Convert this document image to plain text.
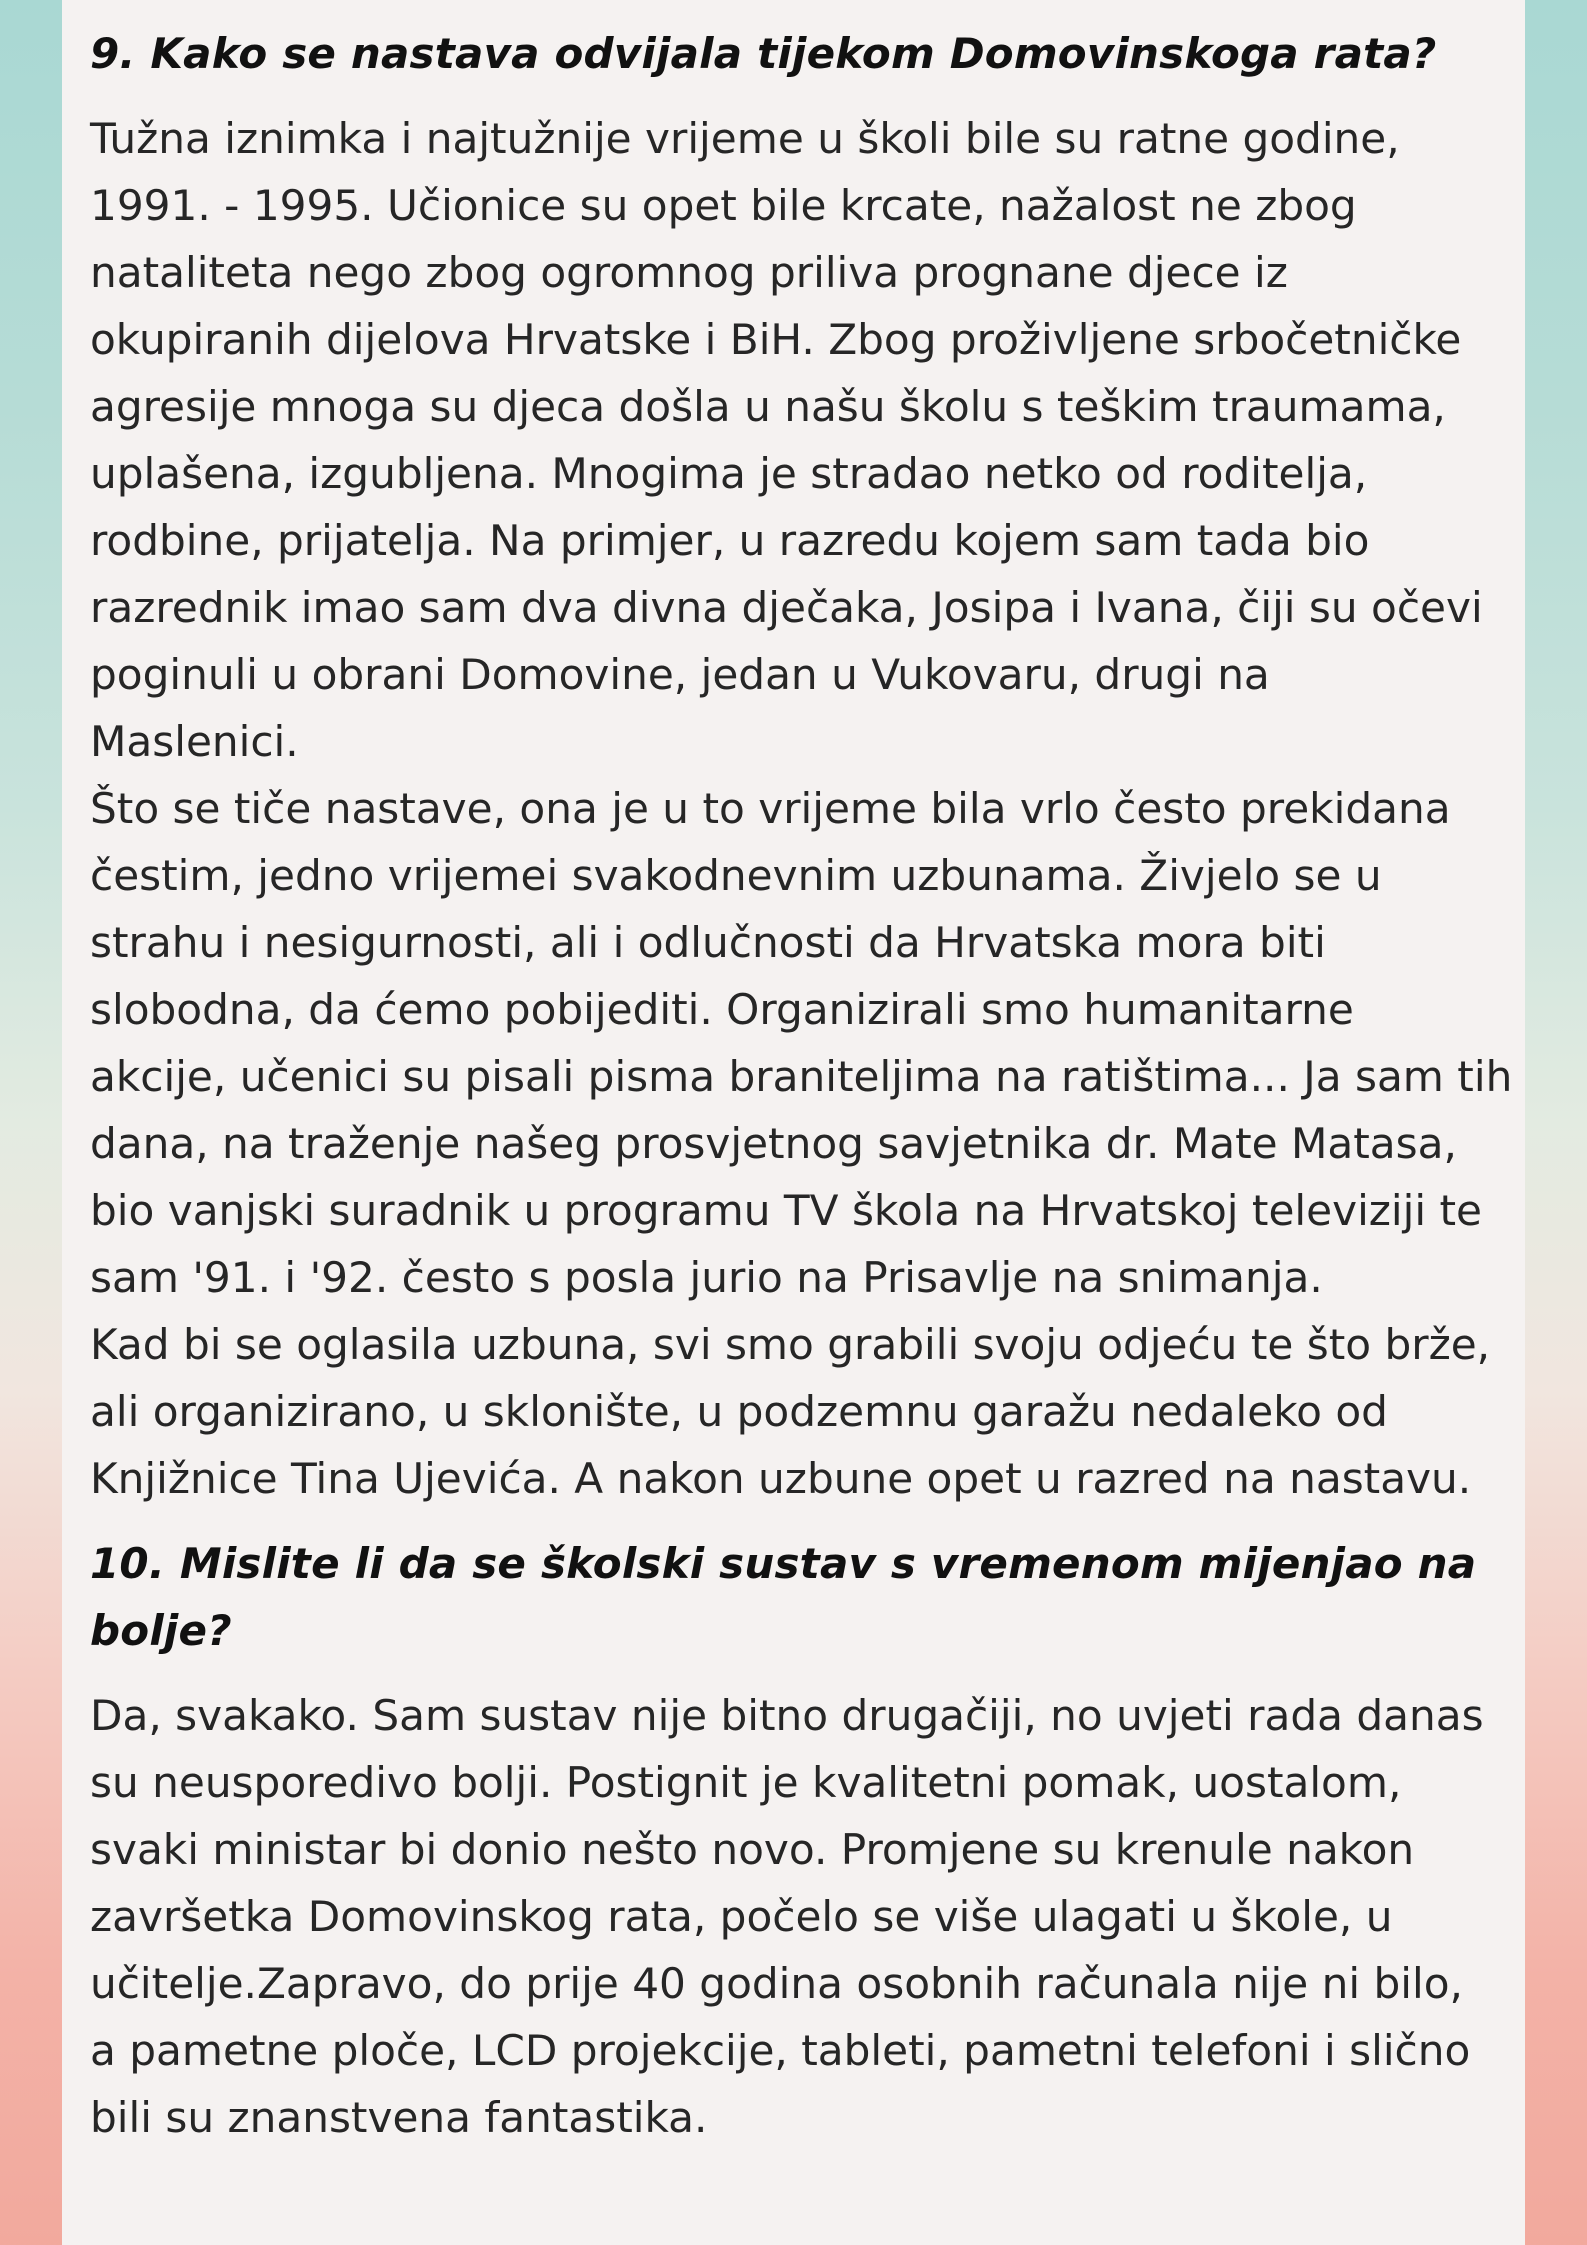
9. Kako se nastava odvijala tijekom Domovinskoga rata?

Tužna iznimka i najtužnije vrijeme u školi bile su ratne godine,
1991. - 1995. Učionice su opet bile krcate, nažalost ne zbog
nataliteta nego zbog ogromnog priliva prognane djece iz
okupiranih dijelova Hrvatske i BiH. Zbog proživljene srbočetničke
agresije mnoga su djeca došla u našu školu s teškim traumama,
uplašena, izgubljena. Mnogima je stradao netko od roditelja,
rodbine, prijatelja. Na primjer, u razredu kojem sam tada bio
razrednik imao sam dva divna dječaka, Josipa i Ivana, čiji su očevi
poginuli u obrani Domovine, jedan u Vukovaru, drugi na
Maslenici.
Što se tiče nastave, ona je u to vrijeme bila vrlo često prekidana
čestim, jedno vrijemei svakodnevnim uzbunama. Živjelo se u
strahu i nesigurnosti, ali i odlučnosti da Hrvatska mora biti
slobodna, da ćemo pobijediti. Organizirali smo humanitarne
akcije, učenici su pisali pisma braniteljima na ratištima... Ja sam tih
dana, na traženje našeg prosvjetnog savjetnika dr. Mate Matasa,
bio vanjski suradnik u programu TV škola na Hrvatskoj televiziji te
sam '91. i '92. često s posla jurio na Prisavlje na snimanja.
Kad bi se oglasila uzbuna, svi smo grabili svoju odjeću te što brže,
ali organizirano, u sklonište, u podzemnu garažu nedaleko od
Knjižnice Tina Ujevića. A nakon uzbune opet u razred na nastavu.

10. Mislite li da se školski sustav s vremenom mijenjao na
bolje?

Da, svakako. Sam sustav nije bitno drugačiji, no uvjeti rada danas
su neusporedivo bolji. Postignit je kvalitetni pomak, uostalom,
svaki ministar bi donio nešto novo. Promjene su krenule nakon
završetka Domovinskog rata, počelo se više ulagati u škole, u
učitelje.Zapravo, do prije 40 godina osobnih računala nije ni bilo,
a pametne ploče, LCD projekcije, tableti, pametni telefoni i slično
bili su znanstvena fantastika.
